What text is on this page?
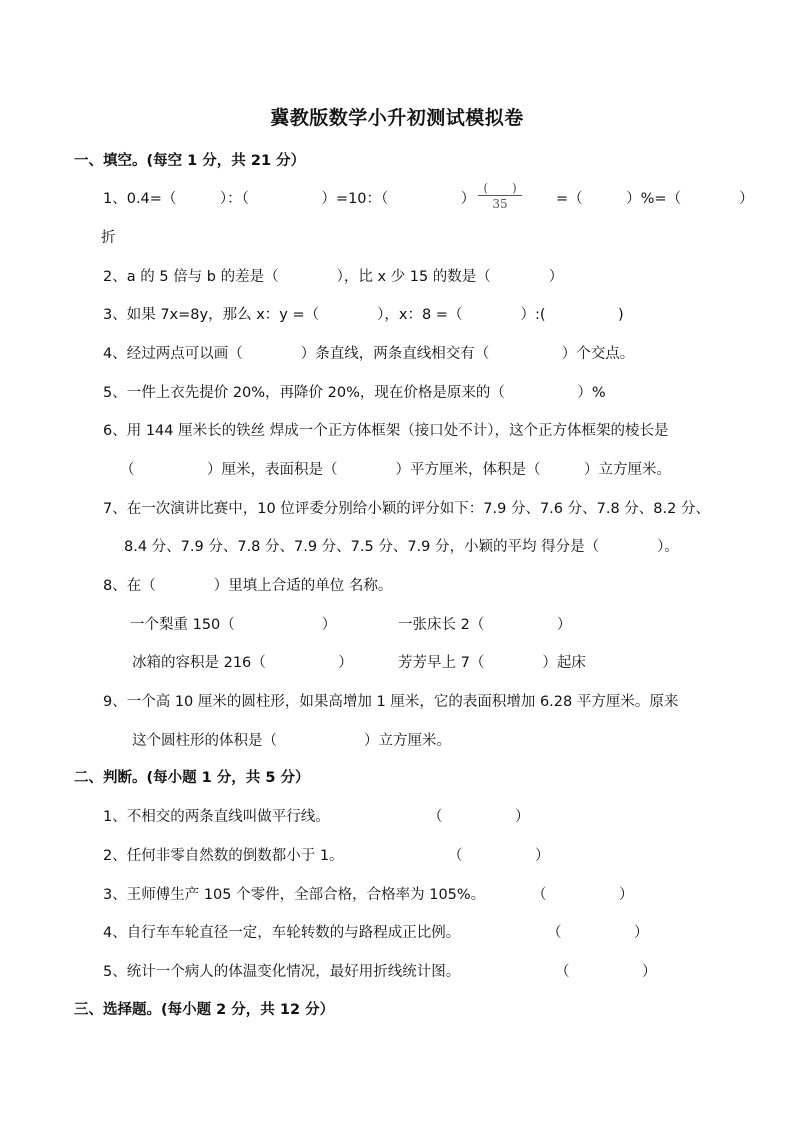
冀教版数学小升初测试模拟卷
一、填空。(每空 1 分，共 21 分）
1、0.4=（　　　）：（　　　　　）=10：（　　　　　）
(　　)
35	=（　　　）%=（　　　　）
折
2、a 的 5 倍与 b 的差是（　　　　），比 x 少 15 的数是（　　　　）
3、如果 7x=8y，那么 x：y =（　　　　），x：8 =（　　　　）:(　　　　　)
4、经过两点可以画（　　　　）条直线，两条直线相交有（　　　　　）个交点。
5、一件上衣先提价 20%，再降价 20%，现在价格是原来的（　　　　　）%
6、用 144 厘米长的铁丝 焊成一个正方体框架（接口处不计），这个正方体框架的棱长是
（　　　　　）厘米，表面积是（　　　　）平方厘米，体积是（　　　）立方厘米。
7、在一次演讲比赛中，10 位评委分别给小颖的评分如下：7.9 分、7.6 分、7.8 分、8.2 分、
8.4 分、7.9 分、7.8 分、7.9 分、7.5 分、7.9 分，小颖的平均 得分是（　　　　）。
8、在（　　　　）里填上合适的单位 名称。
一个梨重 150（　　　　　　）	一张床长 2（　　　　　）
冰箱的容积是 216（　　　　　）	芳芳早上 7（　　　　）起床
9、一个高 10 厘米的圆柱形，如果高增加 1 厘米，它的表面积增加 6.28 平方厘米。原来
这个圆柱形的体积是（　　　　　　）立方厘米。
二、判断。(每小题 1 分，共 5 分）
1、不相交的两条直线叫做平行线。	（　　　　　）
2、任何非零自然数的倒数都小于 1。	（　　　　　）
3、王师傅生产 105 个零件，全部合格，合格率为 105%。	（　　　　　）
4、自行车车轮直径一定，车轮转数的与路程成正比例。	（　　　　　）
5、统计一个病人的体温变化情况，最好用折线统计图。	（　　　　　）
三、选择题。(每小题 2 分，共 12 分）
